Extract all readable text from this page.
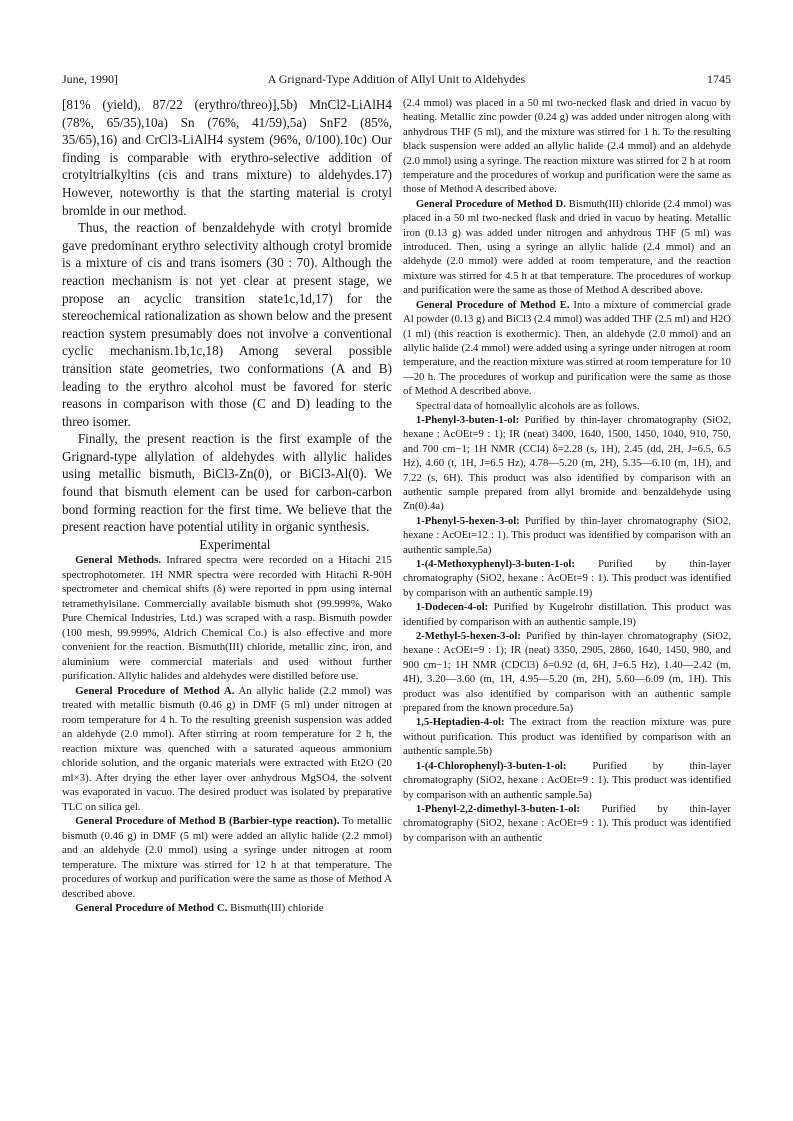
June, 1990]	A Grignard-Type Addition of Allyl Unit to Aldehydes	1745

[81% (yield), 87/22 (erythro/threo)],5b) MnCl2-LiAlH4 (78%, 65/35),10a) Sn (76%, 41/59),5a) SnF2 (85%, 35/65),16) and CrCl3-LiAlH4 system (96%, 0/100).10c) Our finding is comparable with erythro-selective addition of crotyltrialkyltins (cis and trans mixture) to aldehydes.17) However, noteworthy is that the starting material is crotyl bromlde in our method.

Thus, the reaction of benzaldehyde with crotyl bromide gave predominant erythro selectivity although crotyl bromide is a mixture of cis and trans isomers (30 : 70). Although the reaction mechanism is not yet clear at present stage, we propose an acyclic transition state1c,1d,17) for the stereochemical rationalization as shown below and the present reaction system presumably does not involve a conventional cyclic mechanism.1b,1c,18) Among several possible transition state geometries, two conformations (A and B) leading to the erythro alcohol must be favored for steric reasons in comparison with those (C and D) leading to the threo isomer.

Finally, the present reaction is the first example of the Grignard-type allylation of aldehydes with allylic halides using metallic bismuth, BiCl3-Zn(0), or BiCl3-Al(0). We found that bismuth element can be used for carbon-carbon bond forming reaction for the first time. We believe that the present reaction have potential utility in organic synthesis.

Experimental

General Methods. Infrared spectra were recorded on a Hitachi 215 spectrophotometer. 1H NMR spectra were recorded with Hitachi R-90H spectrometer and chemical shifts (δ) were reported in ppm using internal tetramethylsilane. Commercially available bismuth shot (99.999%, Wako Pure Chemical Industries, Ltd.) was scraped with a rasp. Bismuth powder (100 mesh, 99.999%, Aldrich Chemical Co.) is also effective and more convenient for the reaction. Bismuth(III) chloride, metallic zinc, iron, and aluminium were commercial materials and used without further purification. Allylic halides and aldehydes were distilled before use.

General Procedure of Method A. An allylic halide (2.2 mmol) was treated with metallic bismuth (0.46 g) in DMF (5 ml) under nitrogen at room temperature for 4 h. To the resulting greenish suspension was added an aldehyde (2.0 mmol). After stirring at room temperature for 2 h, the reaction mixture was quenched with a saturated aqueous ammonium chloride solution, and the organic materials were extracted with Et2O (20 ml×3). After drying the ether layer over anhydrous MgSO4, the solvent was evaporated in vacuo. The desired product was isolated by preparative TLC on silica gel.

General Procedure of Method B (Barbier-type reaction). To metallic bismuth (0.46 g) in DMF (5 ml) were added an allylic halide (2.2 mmol) and an aldehyde (2.0 mmol) using a syringe under nitrogen at room temperature. The mixture was stirred for 12 h at that temperature. The procedures of workup and purification were the same as those of Method A described above.

General Procedure of Method C. Bismuth(III) chloride

(2.4 mmol) was placed in a 50 ml two-necked flask and dried in vacuo by heating. Metallic zinc powder (0.24 g) was added under nitrogen along with anhydrous THF (5 ml), and the mixture was stirred for 1 h. To the resulting black suspension were added an allylic halide (2.4 mmol) and an aldehyde (2.0 mmol) using a syringe. The reaction mixture was stirred for 2 h at room temperature and the procedures of workup and purification were the same as those of Method A described above.

General Procedure of Method D. Bismuth(III) chloride (2.4 mmol) was placed in a 50 ml two-necked flask and dried in vacuo by heating. Metallic iron (0.13 g) was added under nitrogen and anhydrous THF (5 ml) was introduced. Then, using a syringe an allylic halide (2.4 mmol) and an aldehyde (2.0 mmol) were added at room temperature, and the reaction mixture was stirred for 4.5 h at that temperature. The procedures of workup and purification were the same as those of Method A described above.

General Procedure of Method E. Into a mixture of commercial grade Al powder (0.13 g) and BiCl3 (2.4 mmol) was added THF (2.5 ml) and H2O (1 ml) (this reaction is exothermic). Then, an aldehyde (2.0 mmol) and an allylic halide (2.4 mmol) were added using a syringe under nitrogen at room temperature, and the reaction mixture was stirred at room temperature for 10—20 h. The procedures of workup and purification were the same as those of Method A described above.

Spectral data of homoallylic alcohols are as follows.

1-Phenyl-3-buten-1-ol: Purified by thin-layer chromatography (SiO2, hexane : AcOEt=9 : 1); IR (neat) 3400, 1640, 1500, 1450, 1040, 910, 750, and 700 cm−1; 1H NMR (CCl4) δ=2.28 (s, 1H), 2.45 (dd, 2H, J=6.5, 6.5 Hz), 4.60 (t, 1H, J=6.5 Hz), 4.78—5.20 (m, 2H), 5.35—6.10 (m, 1H), and 7.22 (s, 6H). This product was also identified by comparison with an authentic sample prepared from allyl bromide and benzaldehyde using Zn(0).4a)

1-Phenyl-5-hexen-3-ol: Purified by thin-layer chromatography (SiO2, hexane : AcOEt=12 : 1). This product was identified by comparison with an authentic sample.5a)

1-(4-Methoxyphenyl)-3-buten-1-ol: Purified by thin-layer chromatography (SiO2, hexane : AcOEt=9 : 1). This product was identified by comparison with an authentic sample.19)

1-Dodecen-4-ol: Purified by Kugelrohr distillation. This product was identified by comparison with an authentic sample.19)

2-Methyl-5-hexen-3-ol: Purified by thin-layer chromatography (SiO2, hexane : AcOEt=9 : 1); IR (neat) 3350, 2905, 2860, 1640, 1450, 980, and 900 cm−1; 1H NMR (CDCl3) δ=0.92 (d, 6H, J=6.5 Hz), 1.40—2.42 (m, 4H), 3.20—3.60 (m, 1H, 4.95—5.20 (m, 2H), 5.60—6.09 (m, 1H). This product was also identified by comparison with an authentic sample prepared from the known procedure.5a)

1,5-Heptadien-4-ol: The extract from the reaction mixture was pure without purification. This product was identified by comparison with an authentic sample.5b)

1-(4-Chlorophenyl)-3-buten-1-ol: Purified by thin-layer chromatography (SiO2, hexane : AcOEt=9 : 1). This product was identified by comparison with an authentic sample.5a)

1-Phenyl-2,2-dimethyl-3-buten-1-ol: Purified by thin-layer chromatography (SiO2, hexane : AcOEt=9 : 1). This product was identified by comparison with an authentic
